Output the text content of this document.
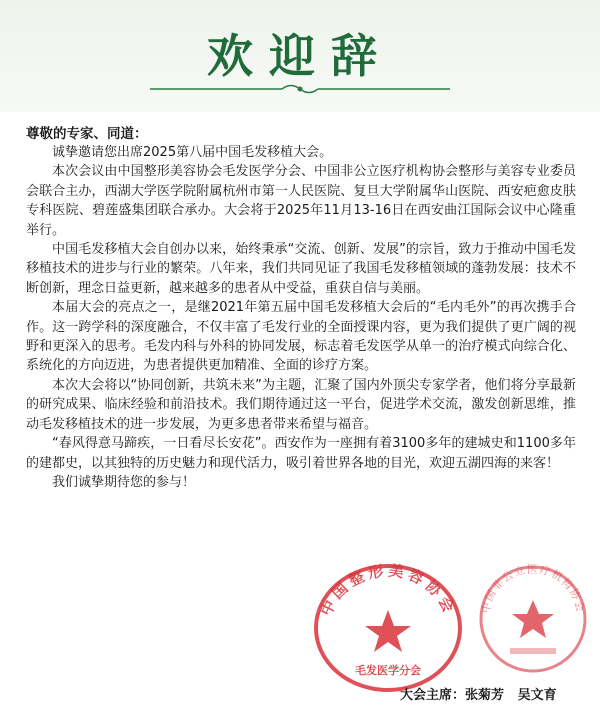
欢迎辞
尊敬的专家、同道：

诚挚邀请您出席2025第八届中国毛发移植大会。

本次会议由中国整形美容协会毛发医学分会、中国非公立医疗机构协会整形与美容专业委员会联合主办，西湖大学医学院附属杭州市第一人民医院、复旦大学附属华山医院、西安疤愈皮肤专科医院、碧莲盛集团联合承办。大会将于2025年11月13-16日在西安曲江国际会议中心隆重举行。

中国毛发移植大会自创办以来，始终秉承“交流、创新、发展”的宗旨，致力于推动中国毛发移植技术的进步与行业的繁荣。八年来，我们共同见证了我国毛发移植领域的蓬勃发展：技术不断创新，理念日益更新，越来越多的患者从中受益，重获自信与美丽。

本届大会的亮点之一，是继2021年第五届中国毛发移植大会后的“毛内毛外”的再次携手合作。这一跨学科的深度融合，不仅丰富了毛发行业的全面授课内容，更为我们提供了更广阔的视野和更深入的思考。毛发内科与外科的协同发展，标志着毛发医学从单一的治疗模式向综合化、系统化的方向迈进，为患者提供更加精准、全面的诊疗方案。

本次大会将以“协同创新，共筑未来”为主题，汇聚了国内外顶尖专家学者，他们将分享最新的研究成果、临床经验和前沿技术。我们期待通过这一平台，促进学术交流，激发创新思维，推动毛发移植技术的进一步发展，为更多患者带来希望与福音。

“春风得意马蹄疾，一日看尽长安花”。西安作为一座拥有着3100多年的建城史和1100多年的建都史，以其独特的历史魅力和现代活力，吸引着世界各地的目光，欢迎五湖四海的来客！

我们诚挚期待您的参与！

中国整形美容协会
毛发医学分会
中国非公立医疗机构协会
大会主席：张菊芳   吴文育
